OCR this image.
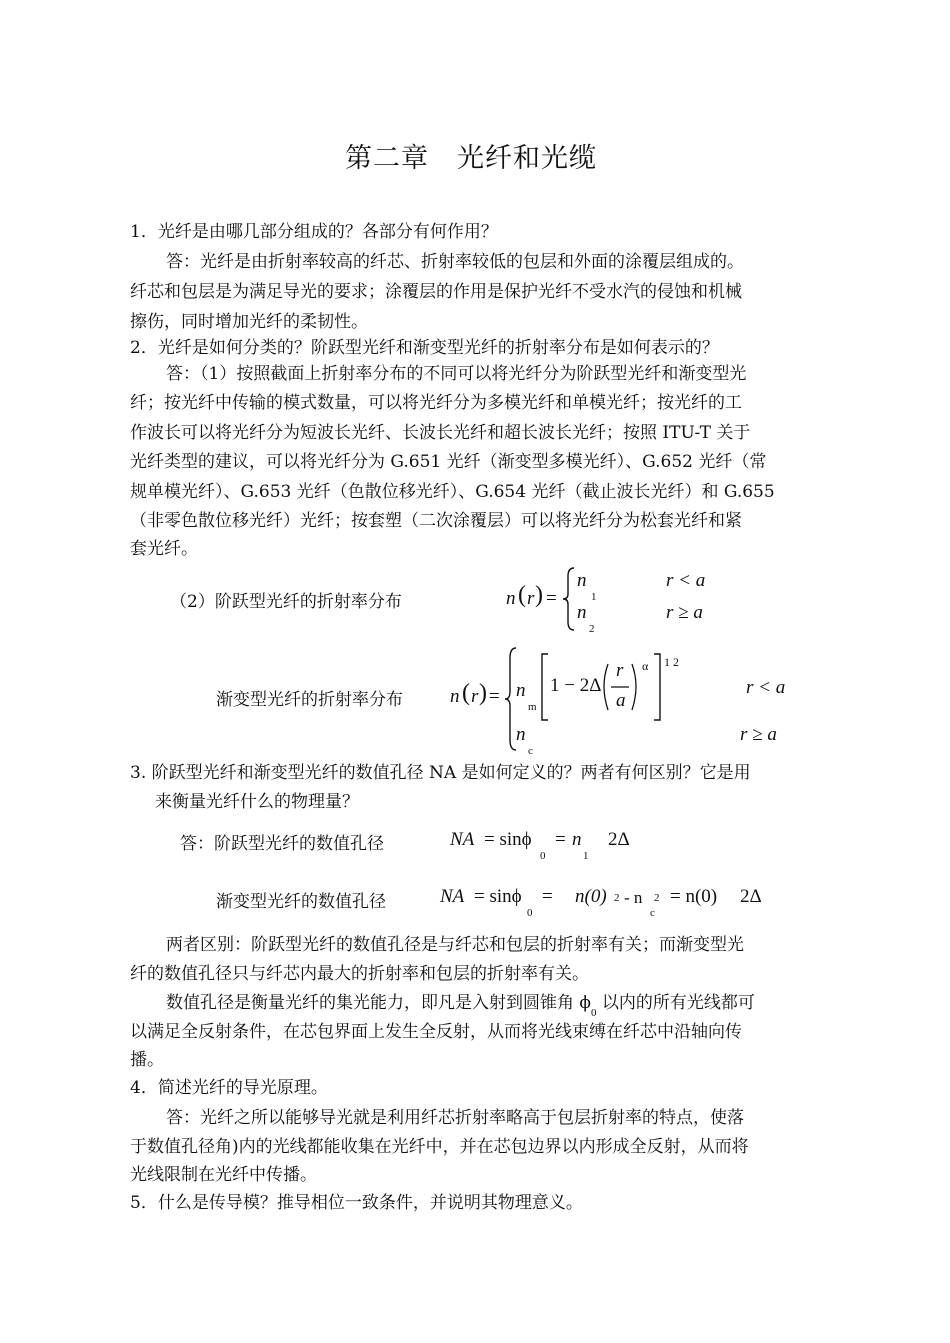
第二章　光纤和光缆
1．光纤是由哪几部分组成的？各部分有何作用？
答：光纤是由折射率较高的纤芯、折射率较低的包层和外面的涂覆层组成的。
纤芯和包层是为满足导光的要求；涂覆层的作用是保护光纤不受水汽的侵蚀和机械
擦伤，同时增加光纤的柔韧性。
2．光纤是如何分类的？阶跃型光纤和渐变型光纤的折射率分布是如何表示的？
答：（1）按照截面上折射率分布的不同可以将光纤分为阶跃型光纤和渐变型光
纤；按光纤中传输的模式数量，可以将光纤分为多模光纤和单模光纤；按光纤的工
作波长可以将光纤分为短波长光纤、长波长光纤和超长波长光纤；按照 ITU-T 关于
光纤类型的建议，可以将光纤分为 G.651 光纤（渐变型多模光纤）、G.652 光纤（常
规单模光纤）、G.653 光纤（色散位移光纤）、G.654 光纤（截止波长光纤）和 G.655
（非零色散位移光纤）光纤；按套塑（二次涂覆层）可以将光纤分为松套光纤和紧
套光纤。
（2）阶跃型光纤的折射率分布	n ( r ) =
n
1
r < a
n
2
r ≥ a
渐变型光纤的折射率分布 n ( r ) = n
m
1 − 2Δ
r
a
α 1 2
r < a
n
c
r ≥ a
3. 阶跃型光纤和渐变型光纤的数值孔径 NA 是如何定义的？两者有何区别？它是用
来衡量光纤什么的物理量？
答：阶跃型光纤的数值孔径	NA = sinϕ
0
= n
1
2Δ
渐变型光纤的数值孔径	NA = sinϕ
0
= n(0) 2 - n
c
2 = n(0) 2Δ
两者区别：阶跃型光纤的数值孔径是与纤芯和包层的折射率有关；而渐变型光
纤的数值孔径只与纤芯内最大的折射率和包层的折射率有关。
数值孔径是衡量光纤的集光能力，即凡是入射到圆锥角 $\phi_0$ 以内的所有光线都可
以满足全反射条件，在芯包界面上发生全反射，从而将光线束缚在纤芯中沿轴向传
播。
4．简述光纤的导光原理。
答：光纤之所以能够导光就是利用纤芯折射率略高于包层折射率的特点，使落
于数值孔径角)内的光线都能收集在光纤中，并在芯包边界以内形成全反射，从而将
光线限制在光纤中传播。
5．什么是传导模？推导相位一致条件，并说明其物理意义。
